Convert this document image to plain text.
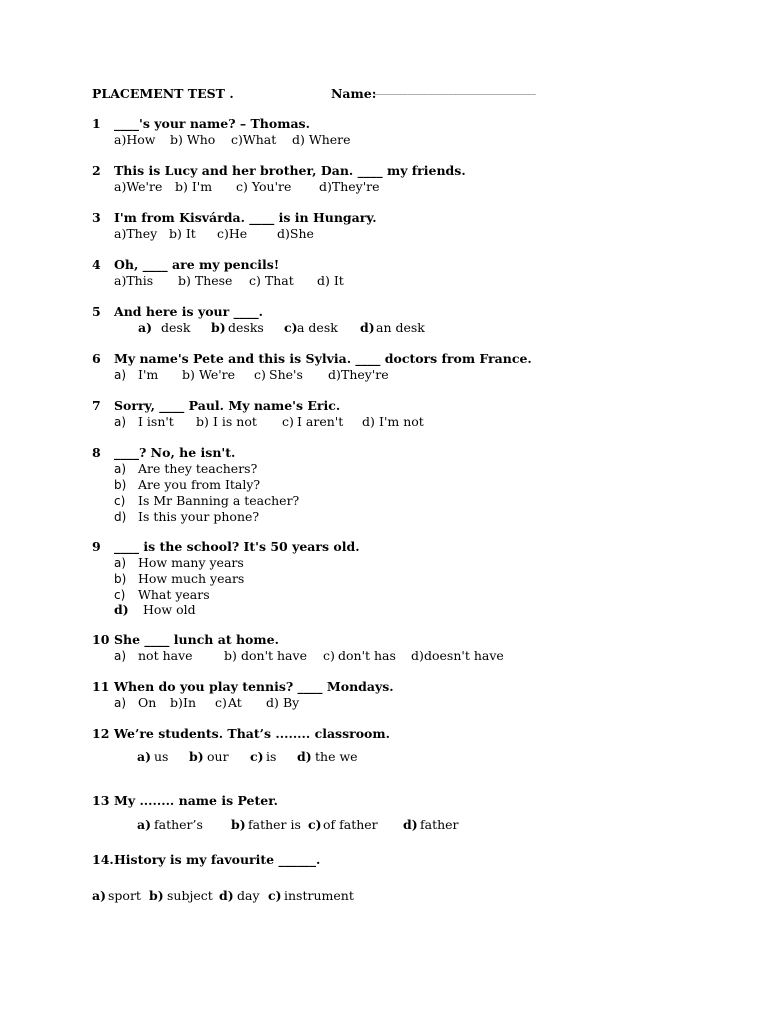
PLACEMENT TEST .	Name:
_______________________________________
1 ____'s your name? – Thomas.
a)How b) Who c)What d) Where
2 This is Lucy and her brother, Dan. ____ my friends.
a)We're b) I'm c) You're d)They're
3 I'm from Kisvárda. ____ is in Hungary.
a)They b) It c)He d)She
4 Oh, ____ are my pencils!
a)This b) These c) That d) It
5 And here is your ____.
a) desk b) desks c) a desk d) an desk
6 My name's Pete and this is Sylvia. ____ doctors from France.
a) I'm b) We're c) She's d) They're
7 Sorry, ____ Paul. My name's Eric.
a) I isn't b) I is not c) I aren't d) I'm not
8 ____? No, he isn't.
a) Are they teachers?
b) Are you from Italy?
c) Is Mr Banning a teacher?
d) Is this your phone?
9 ____ is the school? It's 50 years old.
a) How many years
b) How much years
c) What years
d) How old
10 She ____ lunch at home.
a) not have	b) don't have c) don't has d) doesn't have
11 When do you play tennis? ____ Mondays.
a) On b) In c) At d) By
12 We’re students. That’s ........ classroom.
a) us b) our c) is d) the we
13 My ........ name is Peter.
a) father’s b) father is c) of father d) father
14. History is my favourite ______.
a) sport b) subject d) day c) instrument
